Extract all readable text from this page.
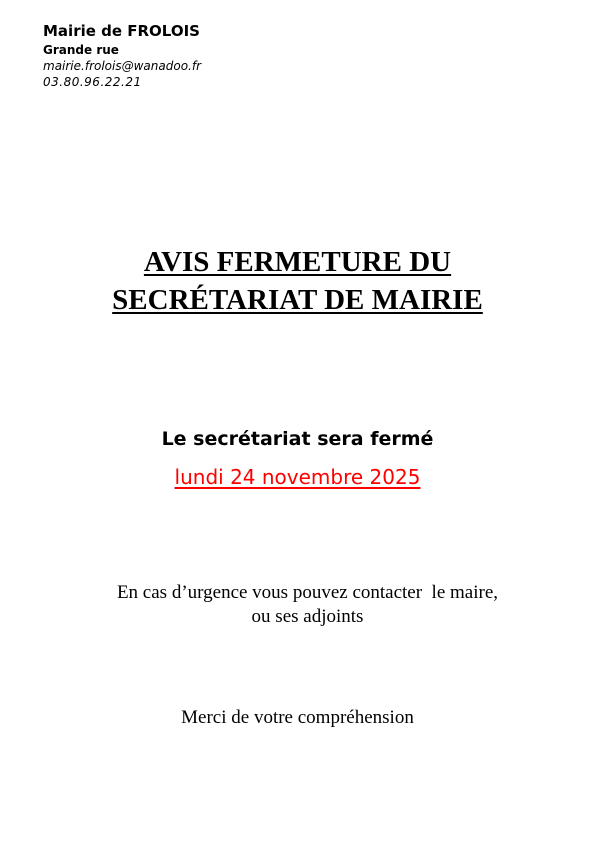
Mairie de FROLOIS
Grande rue
mairie.frolois@wanadoo.fr
03.80.96.22.21
AVIS FERMETURE DU
SECRÉTARIAT DE MAIRIE
Le secrétariat sera fermé
lundi 24 novembre 2025
En cas d’urgence vous pouvez contacter  le maire,
ou ses adjoints
Merci de votre compréhension
